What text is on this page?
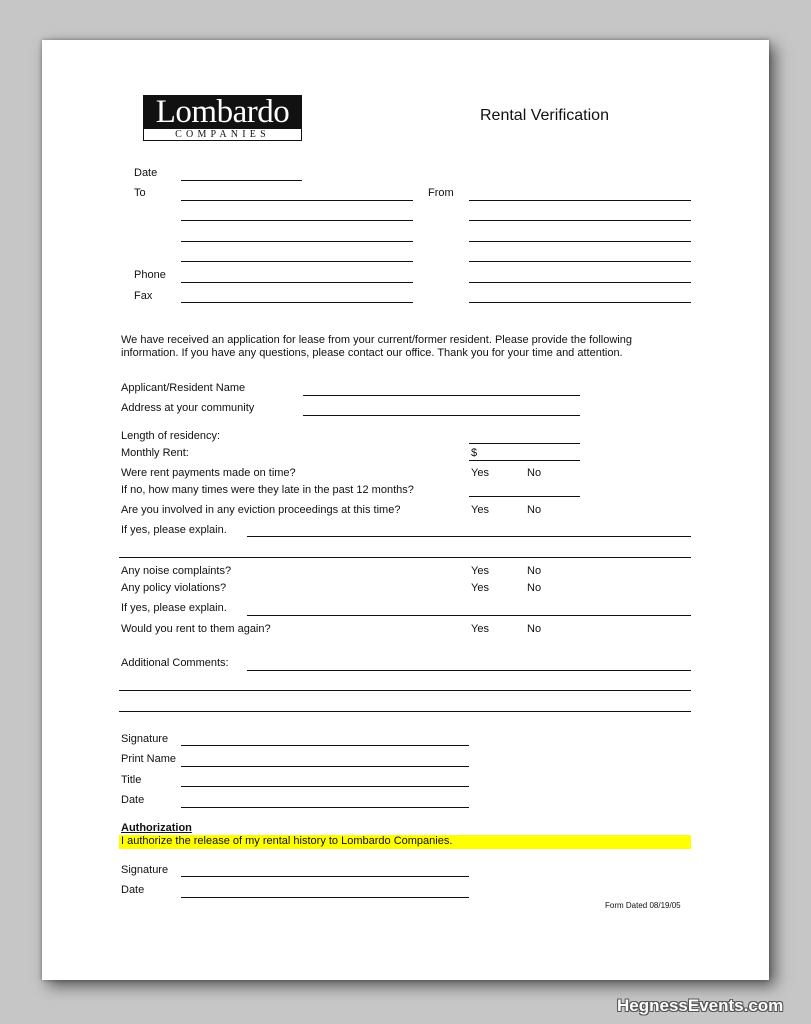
Lombardo
COMPANIES
Rental Verification
Date
To	From
Phone
Fax
We have received an application for lease from your current/former resident. Please provide the following
information. If you have any questions, please contact our office. Thank you for your time and attention.
Applicant/Resident Name
Address at your community
Length of residency:
Monthly Rent:	$
Were rent payments made on time?	Yes	No
If no, how many times were they late in the past 12 months?
Are you involved in any eviction proceedings at this time?	Yes	No
If yes, please explain.
Any noise complaints?	Yes	No
Any policy violations?	Yes	No
If yes, please explain.
Would you rent to them again?	Yes	No
Additional Comments:
Signature
Print Name
Title
Date
Authorization
I authorize the release of my rental history to Lombardo Companies.
Signature
Date
Form Dated 08/19/05
HegnessEvents.com
